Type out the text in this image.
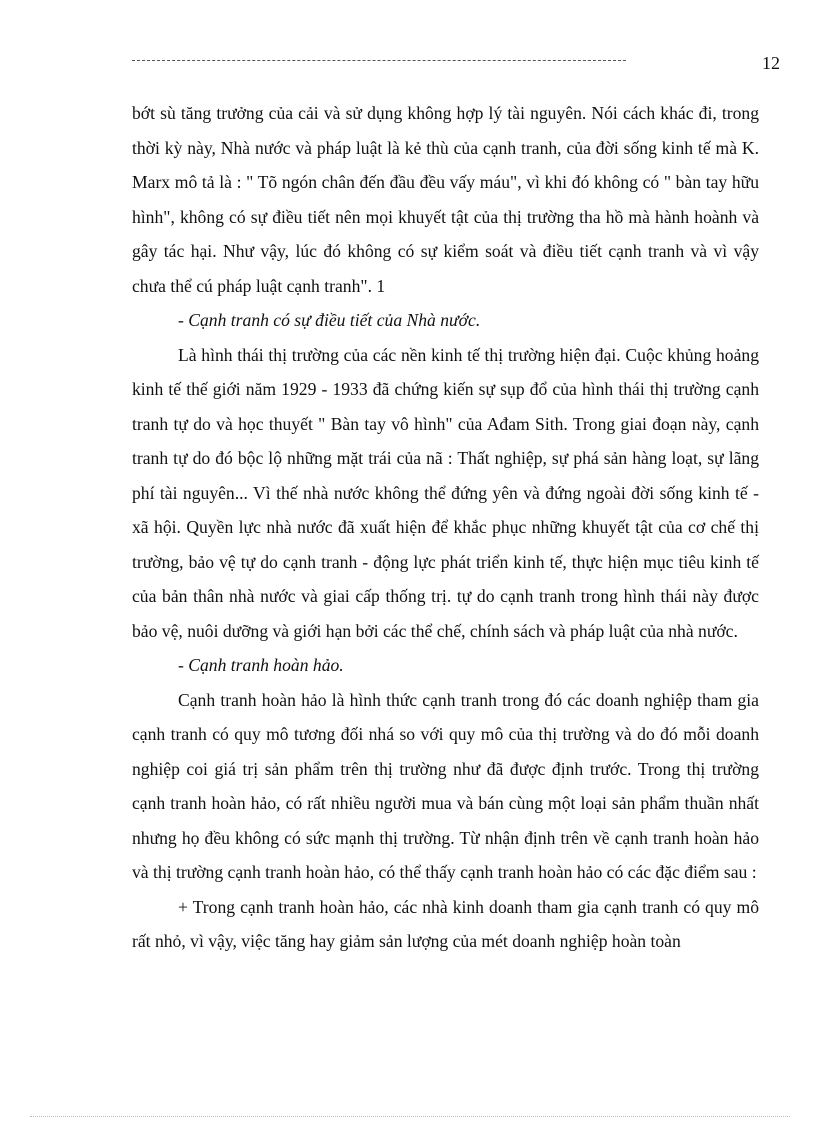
12

bớt sù tăng trưởng của cải và sử dụng không hợp lý tài nguyên. Nói cách khác đi, trong thời kỳ này, Nhà nước và pháp luật là kẻ thù của cạnh tranh, của đời sống kinh tế mà K. Marx mô tả là : " Tõ ngón chân đến đầu đều vấy máu", vì khi đó không có " bàn tay hữu hình", không có sự điều tiết nên mọi khuyết tật của thị trường tha hồ mà hành hoành và gây tác hại. Như vậy, lúc đó không có sự kiểm soát và điều tiết cạnh tranh và vì vậy chưa thể cú pháp luật cạnh tranh". 1

- Cạnh tranh có sự điều tiết của Nhà nước.

Là hình thái thị trường của các nền kinh tế thị trường hiện đại. Cuộc khủng hoảng kinh tế thế giới năm 1929 - 1933 đã chứng kiến sự sụp đổ của hình thái thị trường cạnh tranh tự do và học thuyết " Bàn tay vô hình" của Ađam Sith. Trong giai đoạn này, cạnh tranh tự do đó bộc lộ những mặt trái của nã : Thất nghiệp, sự phá sản hàng loạt, sự lãng phí tài nguyên... Vì thế nhà nước không thể đứng yên và đứng ngoài đời sống kinh tế - xã hội. Quyền lực nhà nước đã xuất hiện để khắc phục những khuyết tật của cơ chế thị trường, bảo vệ tự do cạnh tranh - động lực phát triển kinh tế, thực hiện mục tiêu kinh tế của bản thân nhà nước và giai cấp thống trị. tự do cạnh tranh trong hình thái này được bảo vệ, nuôi dưỡng và giới hạn bởi các thể chế, chính sách và pháp luật của nhà nước.

- Cạnh tranh hoàn hảo.

Cạnh tranh hoàn hảo là hình thức cạnh tranh trong đó các doanh nghiệp tham gia cạnh tranh có quy mô tương đối nhá so với quy mô của thị trường và do đó mỗi doanh nghiệp coi giá trị sản phẩm trên thị trường như đã được định trước. Trong thị trường cạnh tranh hoàn hảo, có rất nhiều người mua và bán cùng một loại sản phẩm thuần nhất nhưng họ đều không có sức mạnh thị trường. Từ nhận định trên về cạnh tranh hoàn hảo và thị trường cạnh tranh hoàn hảo, có thể thấy cạnh tranh hoàn hảo có các đặc điểm sau :

+ Trong cạnh tranh hoàn hảo, các nhà kinh doanh tham gia cạnh tranh có quy mô rất nhỏ, vì vậy, việc tăng hay giảm sản lượng của mét doanh nghiệp hoàn toàn
